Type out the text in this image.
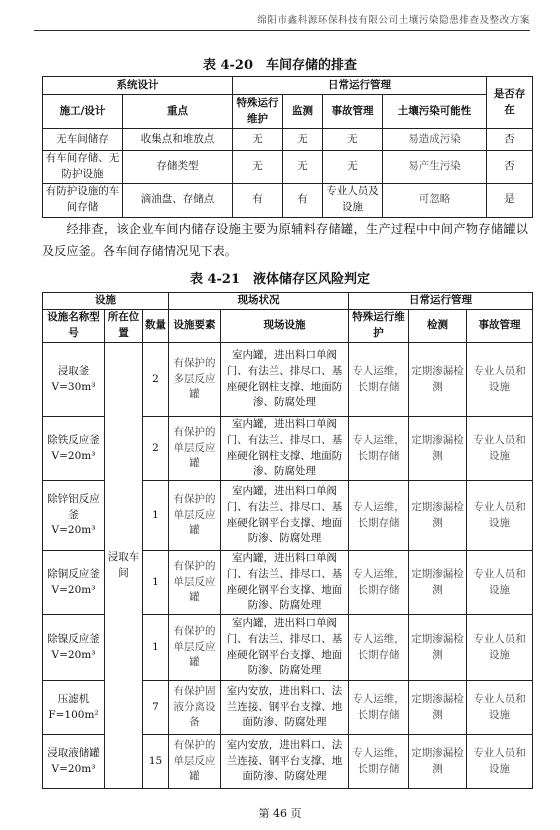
绵阳市鑫科源环保科技有限公司土壤污染隐患排查及整改方案
表 4-20　车间存储的排查
系统设计		日常运行管理				是否存在
施工/设计	重点	特殊运行维护	监测	事故管理	土壤污染可能性	
无车间储存	收集点和堆放点	无	无	无	易造成污染	否
有车间存储、无防护设施	存储类型	无	无	无	易产生污染	否
有防护设施的车间存储	滴油盘、存储点	有	有	专业人员及设施	可忽略	是
经排查，该企业车间内储存设施主要为原辅料存储罐，生产过程中中间产物存储罐以及反应釜。各车间存储情况见下表。
表 4-21　液体储存区风险判定
设施			现场状况		日常运行管理		
设施名称型号	所在位置	数量	设施要素	现场设施	特殊运行维护	检测	事故管理

浸取釜
V=30m³	浸取车间	2	有保护的多层反应罐	室内罐，进出料口单阀门、有法兰、排尽口、基座硬化钢柱支撑、地面防渗、防腐处理	专人运维，长期存储	定期渗漏检测	专业人员和设施

除铁反应釜
V=20m³		2	有保护的单层反应罐	室内罐，进出料口单阀门、有法兰、排尽口、基座硬化钢柱支撑、地面防渗、防腐处理	专人运维，长期存储	定期渗漏检测	专业人员和设施

除锌铝反应釜
V=20m³		1	有保护的单层反应罐	室内罐，进出料口单阀门、有法兰、排尽口、基座硬化钢平台支撑、地面防渗、防腐处理	专人运维，长期存储	定期渗漏检测	专业人员和设施

除铜反应釜
V=20m³		1	有保护的单层反应罐	室内罐，进出料口单阀门、有法兰、排尽口、基座硬化钢平台支撑、地面防渗、防腐处理	专人运维，长期存储	定期渗漏检测	专业人员和设施

除镍反应釜
V=20m³		1	有保护的单层反应罐	室内罐，进出料口单阀门、有法兰、排尽口、基座硬化钢平台支撑、地面防渗、防腐处理	专人运维，长期存储	定期渗漏检测	专业人员和设施

压滤机
F=100m²		7	有保护固液分离设备	室内安放，进出料口、法兰连接、钢平台支撑、地面防渗、防腐处理	专人运维，长期存储	定期渗漏检测	专业人员和设施

浸取液储罐
V=20m³		15	有保护的单层反应罐	室内安放，进出料口、法兰连接、钢平台支撑、地面防渗、防腐处理	专人运维，长期存储	定期渗漏检测	专业人员和设施
第 46 页
